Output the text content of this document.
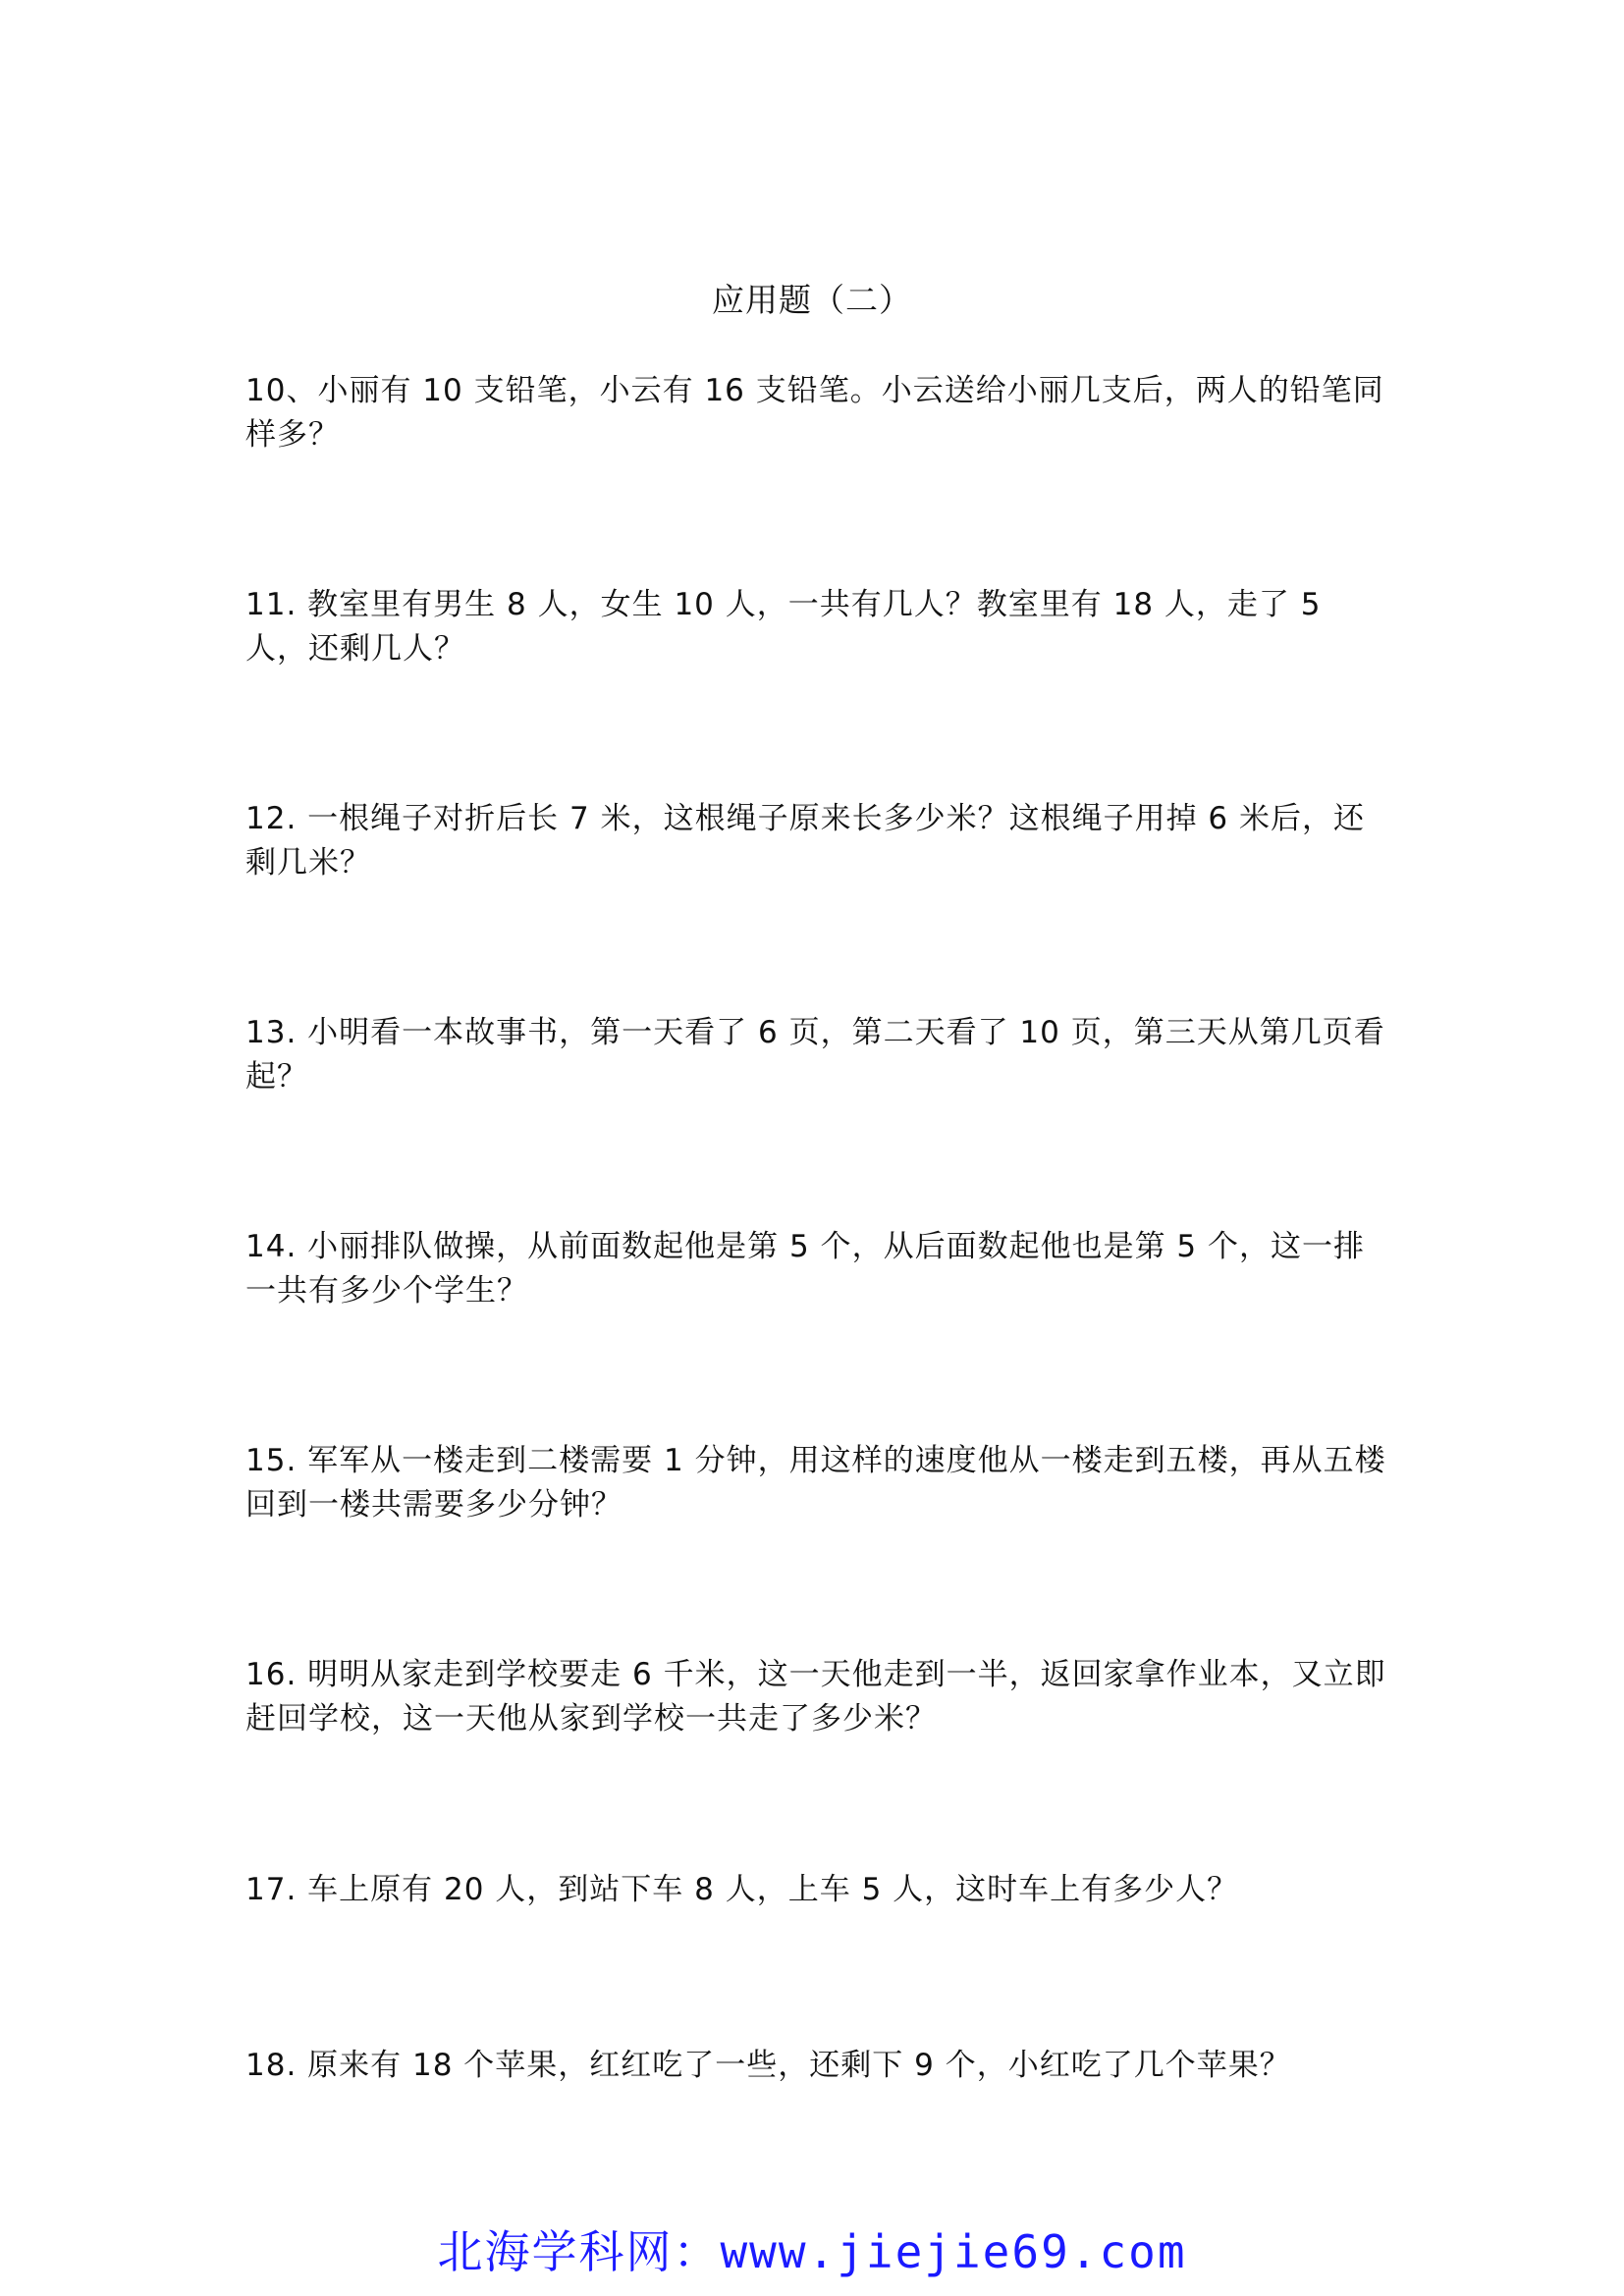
应用题（二）
10、小丽有 10 支铅笔，小云有 16 支铅笔。小云送给小丽几支后，两人的铅笔同样多？
11. 教室里有男生 8 人，女生 10 人，一共有几人？教室里有 18 人，走了 5 人，还剩几人？
12. 一根绳子对折后长 7 米，这根绳子原来长多少米？这根绳子用掉 6 米后，还剩几米？
13. 小明看一本故事书，第一天看了 6 页，第二天看了 10 页，第三天从第几页看起？
14. 小丽排队做操，从前面数起他是第 5 个，从后面数起他也是第 5 个，这一排一共有多少个学生？
15. 军军从一楼走到二楼需要 1 分钟，用这样的速度他从一楼走到五楼，再从五楼回到一楼共需要多少分钟？
16. 明明从家走到学校要走 6 千米，这一天他走到一半，返回家拿作业本，又立即赶回学校，这一天他从家到学校一共走了多少米？
17. 车上原有 20 人，到站下车 8 人，上车 5 人，这时车上有多少人？
18. 原来有 18 个苹果，红红吃了一些，还剩下 9 个，小红吃了几个苹果？
北海学科网：www.jiejie69.com
